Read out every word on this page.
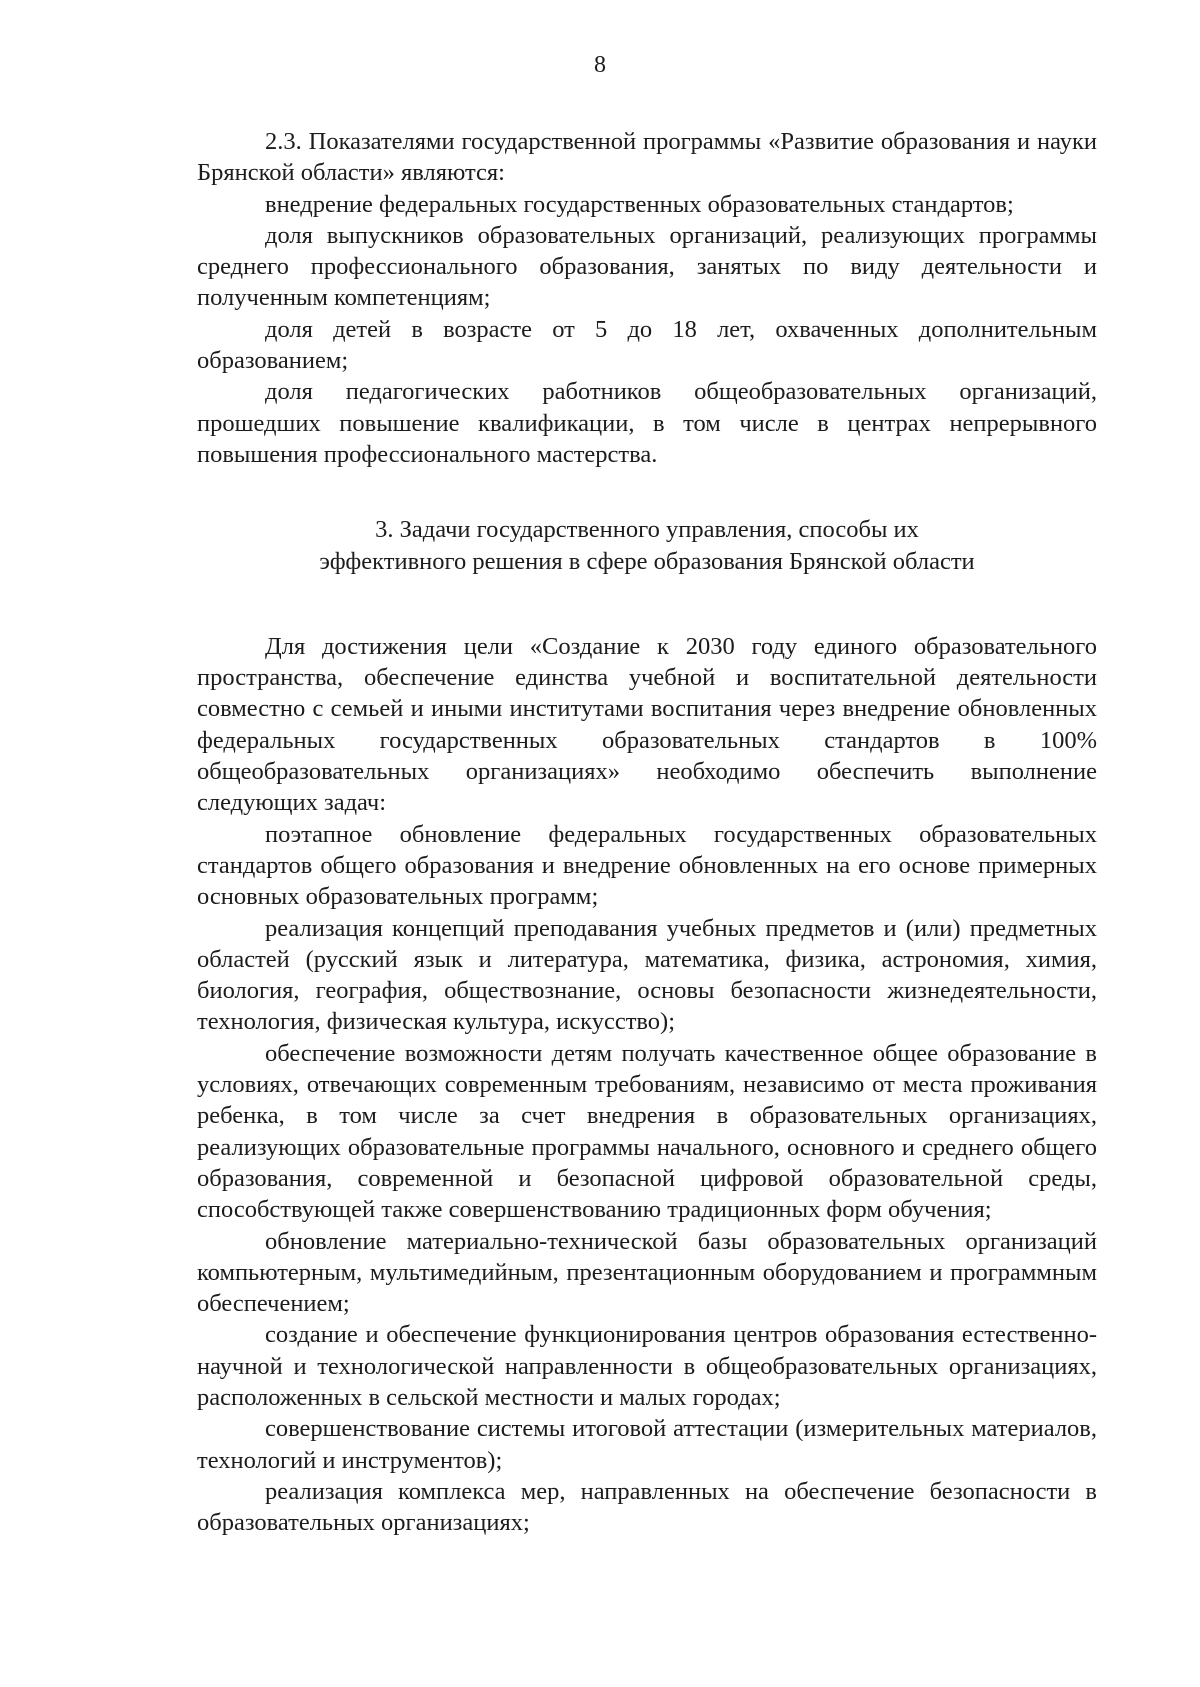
8

2.3. Показателями государственной программы «Развитие образования и науки Брянской области» являются:

внедрение федеральных государственных образовательных стандартов;

доля выпускников образовательных организаций, реализующих программы среднего профессионального образования, занятых по виду деятельности и полученным компетенциям;

доля детей в возрасте от 5 до 18 лет, охваченных дополнительным образованием;

доля педагогических работников общеобразовательных организаций, прошедших повышение квалификации, в том числе в центрах непрерывного повышения профессионального мастерства.

3. Задачи государственного управления, способы их
эффективного решения в сфере образования Брянской области

Для достижения цели «Создание к 2030 году единого образовательного пространства, обеспечение единства учебной и воспитательной деятельности совместно с семьей и иными институтами воспитания через внедрение обновленных федеральных государственных образовательных стандартов в 100% общеобразовательных организациях» необходимо обеспечить выполнение следующих задач:

поэтапное обновление федеральных государственных образовательных стандартов общего образования и внедрение обновленных на его основе примерных основных образовательных программ;

реализация концепций преподавания учебных предметов и (или) предметных областей (русский язык и литература, математика, физика, астрономия, химия, биология, география, обществознание, основы безопасности жизнедеятельности, технология, физическая культура, искусство);

обеспечение возможности детям получать качественное общее образование в условиях, отвечающих современным требованиям, независимо от места проживания ребенка, в том числе за счет внедрения в образовательных организациях, реализующих образовательные программы начального, основного и среднего общего образования, современной и безопасной цифровой образовательной среды, способствующей также совершенствованию традиционных форм обучения;

обновление материально-технической базы образовательных организаций компьютерным, мультимедийным, презентационным оборудованием и программным обеспечением;

создание и обеспечение функционирования центров образования естественно-научной и технологической направленности в общеобразовательных организациях, расположенных в сельской местности и малых городах;

совершенствование системы итоговой аттестации (измерительных материалов, технологий и инструментов);

реализация комплекса мер, направленных на обеспечение безопасности в образовательных организациях;
